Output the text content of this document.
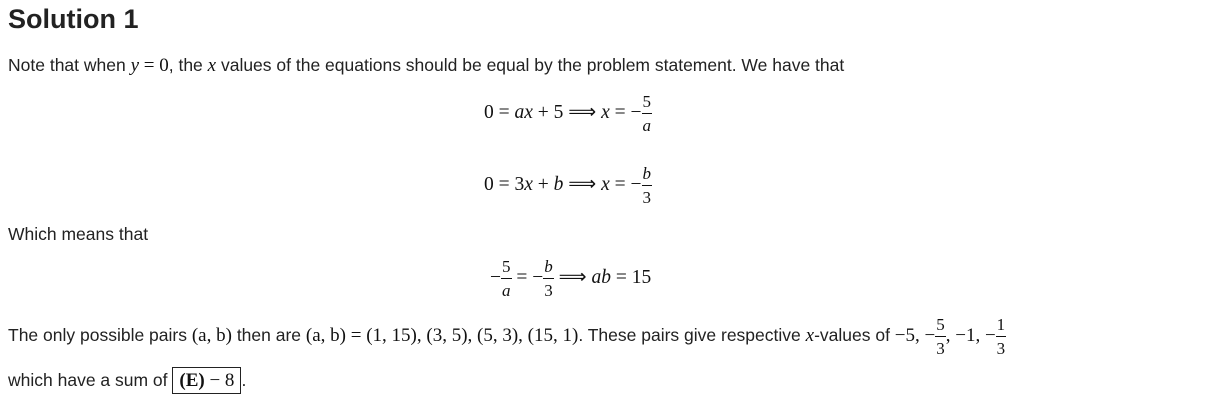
Solution 1
Note that when y = 0, the x values of the equations should be equal by the problem statement. We have that
0 = ax + 5 ⟹ x = − $\frac{5}{a}$
0 = 3x + b ⟹ x = − $\frac{b}{3}$
Which means that
− $\frac{5}{a}$ = − $\frac{b}{3}$ ⟹ ab = 15
The only possible pairs (a, b) then are (a, b) = (1, 15), (3, 5), (5, 3), (15, 1). These pairs give respective x-values of −5, − $\frac{5}{3}$ , −1, − $\frac{1}{3}$
which have a sum of (E) − 8 .
